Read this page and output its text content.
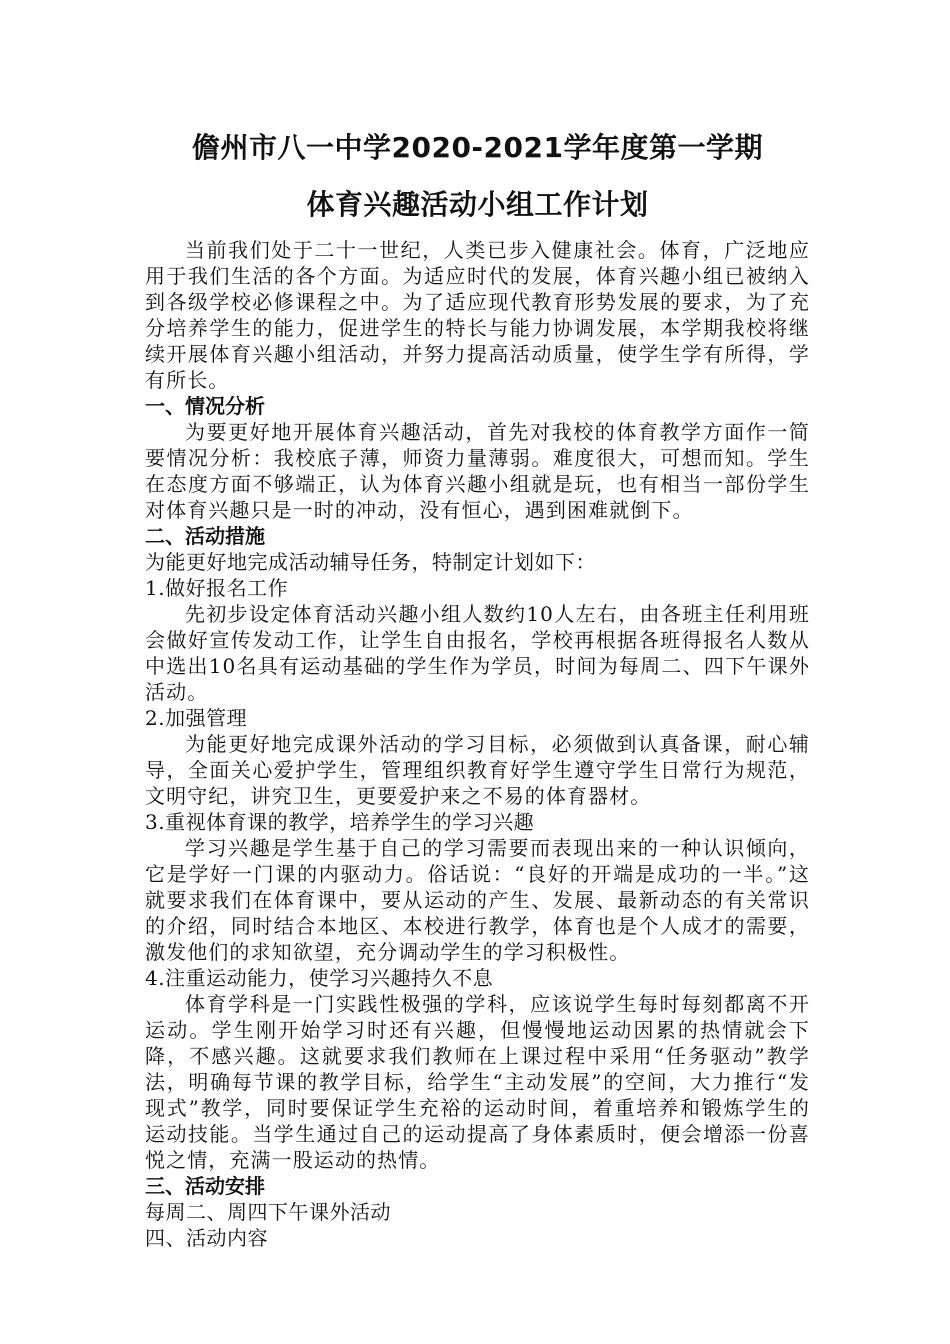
儋州市八一中学2020-2021学年度第一学期
体育兴趣活动小组工作计划

当前我们处于二十一世纪，人类已步入健康社会。体育，广泛地应用于我们生活的各个方面。为适应时代的发展，体育兴趣小组已被纳入到各级学校必修课程之中。为了适应现代教育形势发展的要求，为了充分培养学生的能力，促进学生的特长与能力协调发展，本学期我校将继续开展体育兴趣小组活动，并努力提高活动质量，使学生学有所得，学有所长。

一、情况分析

为要更好地开展体育兴趣活动，首先对我校的体育教学方面作一简要情况分析：我校底子薄，师资力量薄弱。难度很大，可想而知。学生在态度方面不够端正，认为体育兴趣小组就是玩，也有相当一部份学生对体育兴趣只是一时的冲动，没有恒心，遇到困难就倒下。

二、活动措施

为能更好地完成活动辅导任务，特制定计划如下：

1.做好报名工作

先初步设定体育活动兴趣小组人数约10人左右，由各班主任利用班会做好宣传发动工作，让学生自由报名，学校再根据各班得报名人数从中选出10名具有运动基础的学生作为学员，时间为每周二、四下午课外活动。

2.加强管理

为能更好地完成课外活动的学习目标，必须做到认真备课，耐心辅导，全面关心爱护学生，管理组织教育好学生遵守学生日常行为规范，文明守纪，讲究卫生，更要爱护来之不易的体育器材。

3.重视体育课的教学，培养学生的学习兴趣

学习兴趣是学生基于自己的学习需要而表现出来的一种认识倾向，它是学好一门课的内驱动力。俗话说：“良好的开端是成功的一半。”这就要求我们在体育课中，要从运动的产生、发展、最新动态的有关常识的介绍，同时结合本地区、本校进行教学，体育也是个人成才的需要，激发他们的求知欲望，充分调动学生的学习积极性。

4.注重运动能力，使学习兴趣持久不息

体育学科是一门实践性极强的学科，应该说学生每时每刻都离不开运动。学生刚开始学习时还有兴趣，但慢慢地运动因累的热情就会下降，不感兴趣。这就要求我们教师在上课过程中采用“任务驱动”教学法，明确每节课的教学目标，给学生“主动发展”的空间，大力推行“发现式”教学，同时要保证学生充裕的运动时间，着重培养和锻炼学生的运动技能。当学生通过自己的运动提高了身体素质时，便会增添一份喜悦之情，充满一股运动的热情。

三、活动安排

每周二、周四下午课外活动

四、活动内容
